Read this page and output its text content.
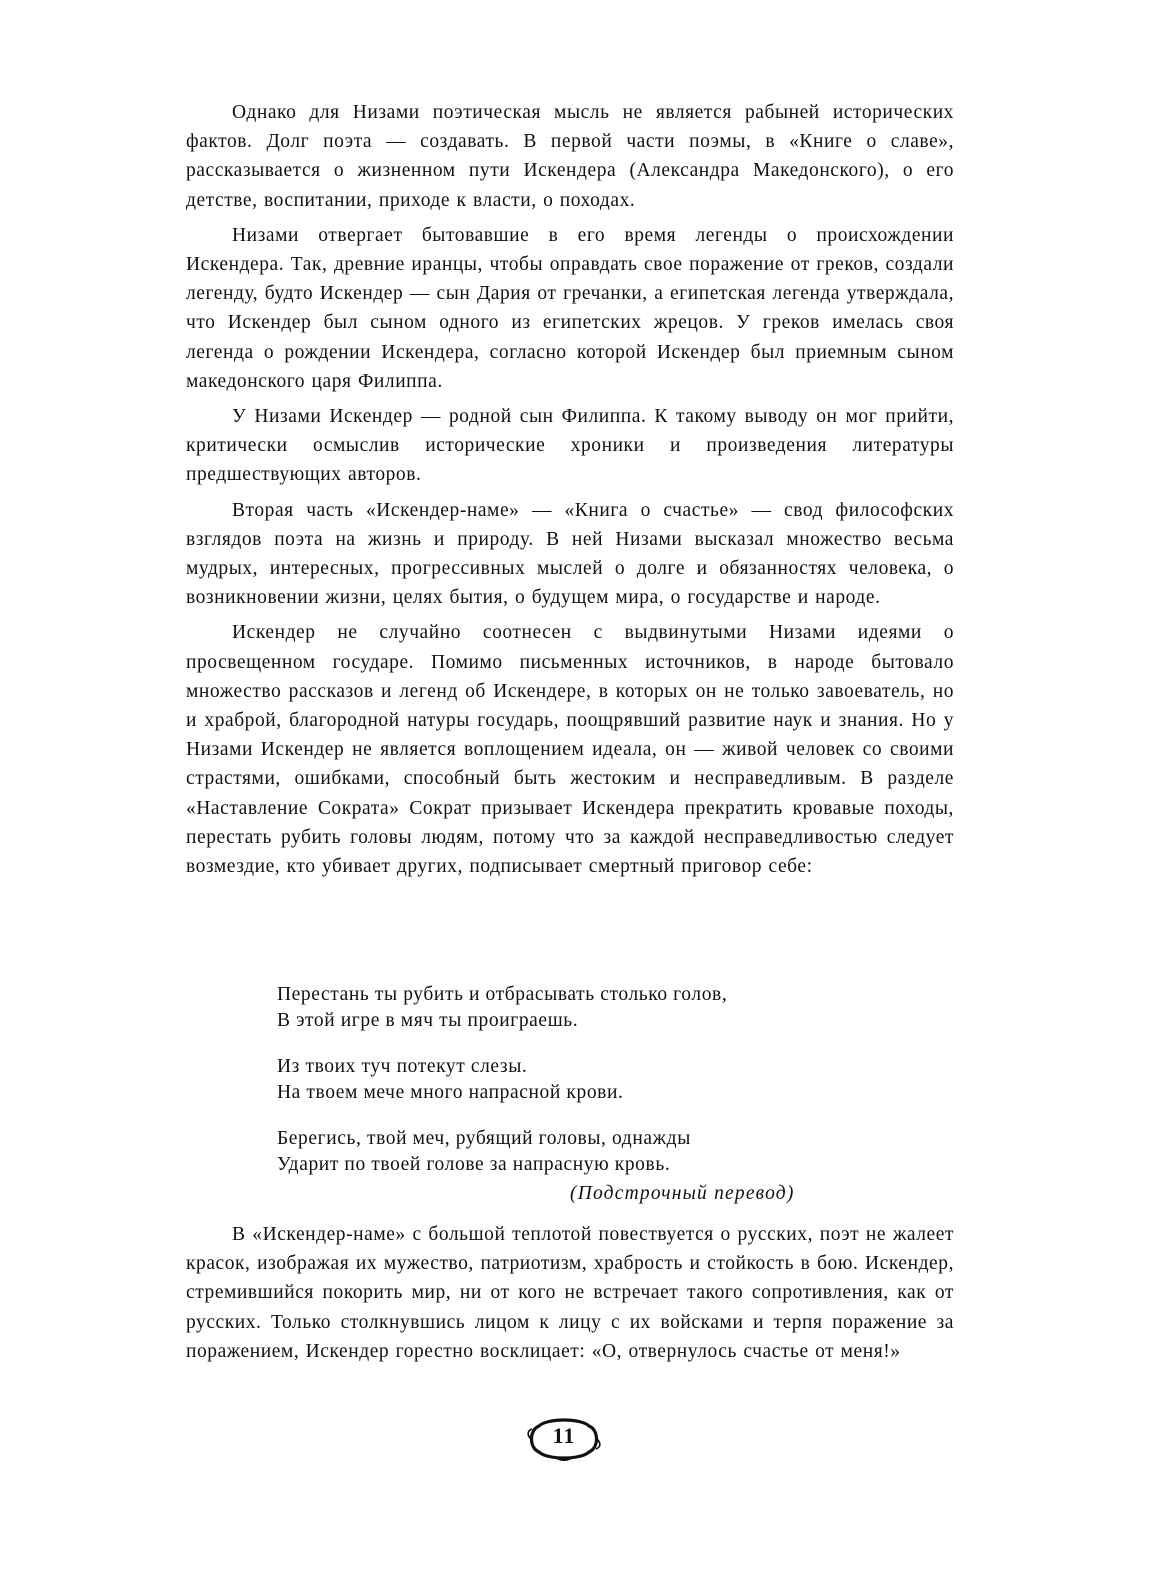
Однако для Низами поэтическая мысль не является рабыней исторических фактов. Долг поэта — создавать. В первой части поэмы, в «Книге о славе», рассказывается о жизненном пути Искендера (Александра Македонского), о его детстве, воспитании, приходе к власти, о походах.

Низами отвергает бытовавшие в его время легенды о происхождении Искендера. Так, древние иранцы, чтобы оправдать свое поражение от греков, создали легенду, будто Искендер — сын Дария от гречанки, а египетская легенда утверждала, что Искендер был сыном одного из египетских жрецов. У греков имелась своя легенда о рождении Искендера, согласно которой Искендер был приемным сыном македонского царя Филиппа.

У Низами Искендер — родной сын Филиппа. К такому выводу он мог прийти, критически осмыслив исторические хроники и произведения литературы предшествующих авторов.

Вторая часть «Искендер-наме» — «Книга о счастье» — свод философских взглядов поэта на жизнь и природу. В ней Низами высказал множество весьма мудрых, интересных, прогрессивных мыслей о долге и обязанностях человека, о возникновении жизни, целях бытия, о будущем мира, о государстве и народе.

Искендер не случайно соотнесен с выдвинутыми Низами идеями о просвещенном государе. Помимо письменных источников, в народе бытовало множество рассказов и легенд об Искендере, в которых он не только завоеватель, но и храброй, благородной натуры государь, поощрявший развитие наук и знания. Но у Низами Искендер не является воплощением идеала, он — живой человек со своими страстями, ошибками, способный быть жестоким и несправедливым. В разделе «Наставление Сократа» Сократ призывает Искендера прекратить кровавые походы, перестать рубить головы людям, потому что за каждой несправедливостью следует возмездие, кто убивает других, подписывает смертный приговор себе:

Перестань ты рубить и отбрасывать столько голов,
В этой игре в мяч ты проиграешь.
Из твоих туч потекут слезы.
На твоем мече много напрасной крови.
Берегись, твой меч, рубящий головы, однажды
Ударит по твоей голове за напрасную кровь.
(Подстрочный перевод)

В «Искендер-наме» с большой теплотой повествуется о русских, поэт не жалеет красок, изображая их мужество, патриотизм, храбрость и стойкость в бою. Искендер, стремившийся покорить мир, ни от кого не встречает такого сопротивления, как от русских. Только столкнувшись лицом к лицу с их войсками и терпя поражение за поражением, Искендер горестно восклицает: «О, отвернулось счастье от меня!»

11
